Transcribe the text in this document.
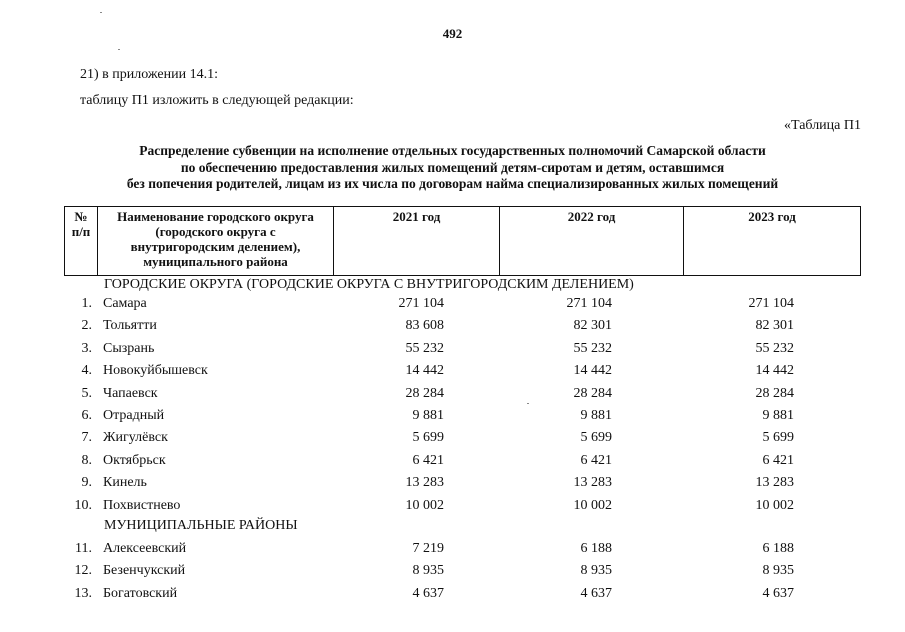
492
21) в приложении 14.1:
таблицу П1 изложить в следующей редакции:
«Таблица П1
Распределение субвенции на исполнение отдельных государственных полномочий Самарской области
по обеспечению предоставления жилых помещений детям-сиротам и детям, оставшимся
без попечения родителей, лицам из их числа по договорам найма специализированных жилых помещений
№
п/п	Наименование городского округа
(городского округа с
внутригородским делением),
муниципального района	2021 год	2022 год	2023 год
ГОРОДСКИЕ ОКРУГА (ГОРОДСКИЕ ОКРУГА С ВНУТРИГОРОДСКИМ ДЕЛЕНИЕМ)
МУНИЦИПАЛЬНЫЕ РАЙОНЫ
1. Самара	271 104	271 104	271 104
2. Тольятти	83 608	82 301	82 301
3. Сызрань	55 232	55 232	55 232
4. Новокуйбышевск	14 442	14 442	14 442
5. Чапаевск	28 284	28 284	28 284
6. Отрадный	9 881	9 881	9 881
7. Жигулёвск	5 699	5 699	5 699
8. Октябрьск	6 421	6 421	6 421
9. Кинель	13 283	13 283	13 283
10. Похвистнево	10 002	10 002	10 002
11. Алексеевский	7 219	6 188	6 188
12. Безенчукский	8 935	8 935	8 935
13. Богатовский	4 637	4 637	4 637
